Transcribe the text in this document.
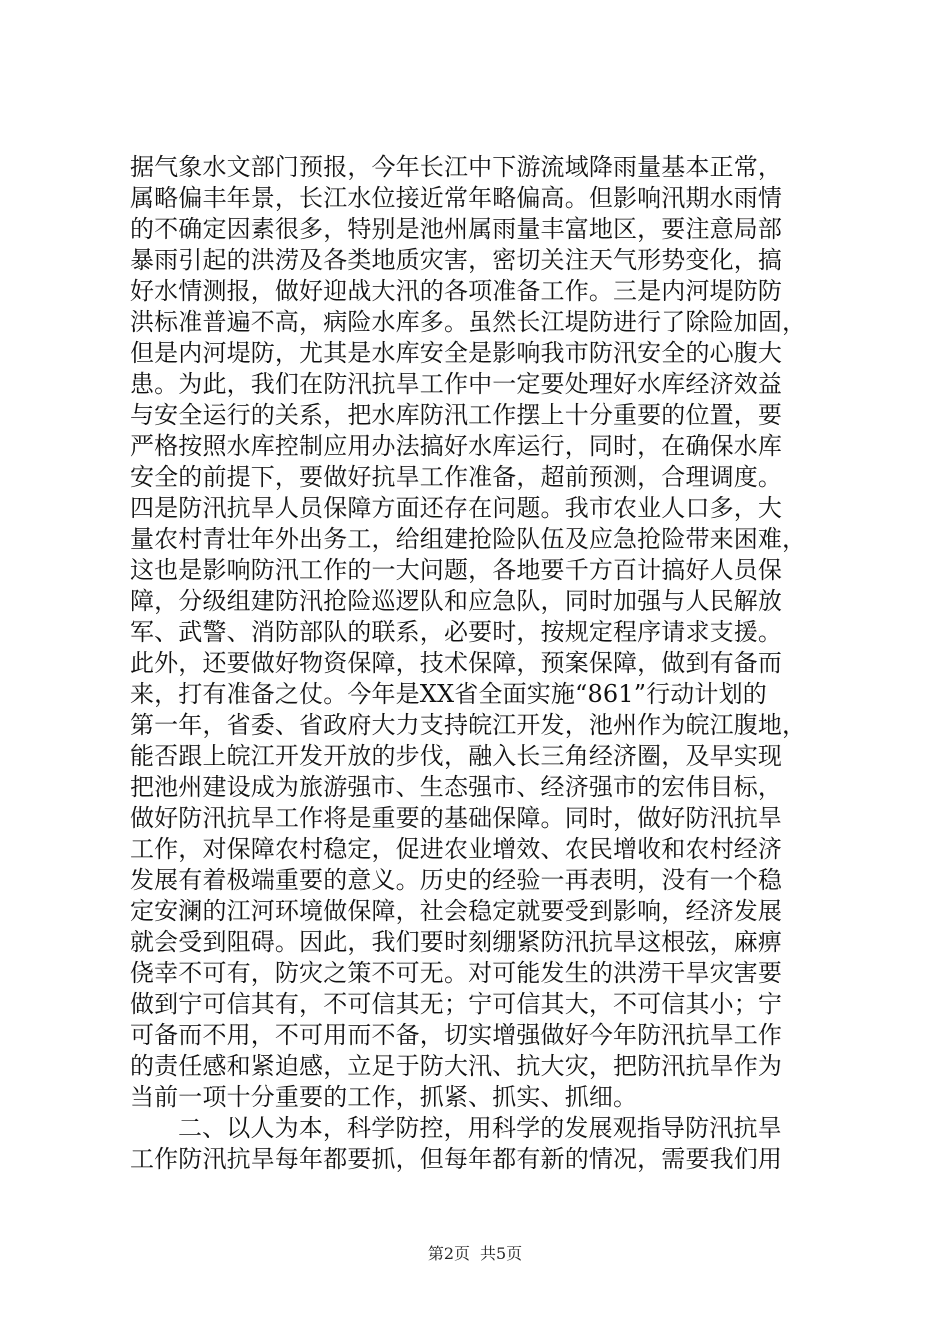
据气象水文部门预报，今年长江中下游流域降雨量基本正常，
属略偏丰年景，长江水位接近常年略偏高。但影响汛期水雨情
的不确定因素很多，特别是池州属雨量丰富地区，要注意局部
暴雨引起的洪涝及各类地质灾害，密切关注天气形势变化，搞
好水情测报，做好迎战大汛的各项准备工作。三是内河堤防防
洪标准普遍不高，病险水库多。虽然长江堤防进行了除险加固，
但是内河堤防，尤其是水库安全是影响我市防汛安全的心腹大
患。为此，我们在防汛抗旱工作中一定要处理好水库经济效益
与安全运行的关系，把水库防汛工作摆上十分重要的位置，要
严格按照水库控制应用办法搞好水库运行，同时，在确保水库
安全的前提下，要做好抗旱工作准备，超前预测，合理调度。
四是防汛抗旱人员保障方面还存在问题。我市农业人口多，大
量农村青壮年外出务工，给组建抢险队伍及应急抢险带来困难，
这也是影响防汛工作的一大问题，各地要千方百计搞好人员保
障，分级组建防汛抢险巡逻队和应急队，同时加强与人民解放
军、武警、消防部队的联系，必要时，按规定程序请求支援。
此外，还要做好物资保障，技术保障，预案保障，做到有备而
来，打有准备之仗。今年是XX省全面实施“861”行动计划的
第一年，省委、省政府大力支持皖江开发，池州作为皖江腹地，
能否跟上皖江开发开放的步伐，融入长三角经济圈，及早实现
把池州建设成为旅游强市、生态强市、经济强市的宏伟目标，
做好防汛抗旱工作将是重要的基础保障。同时，做好防汛抗旱
工作，对保障农村稳定，促进农业增效、农民增收和农村经济
发展有着极端重要的意义。历史的经验一再表明，没有一个稳
定安澜的江河环境做保障，社会稳定就要受到影响，经济发展
就会受到阻碍。因此，我们要时刻绷紧防汛抗旱这根弦，麻痹
侥幸不可有，防灾之策不可无。对可能发生的洪涝干旱灾害要
做到宁可信其有，不可信其无；宁可信其大，不可信其小；宁
可备而不用，不可用而不备，切实增强做好今年防汛抗旱工作
的责任感和紧迫感，立足于防大汛、抗大灾，把防汛抗旱作为
当前一项十分重要的工作，抓紧、抓实、抓细。
二、以人为本，科学防控，用科学的发展观指导防汛抗旱
工作防汛抗旱每年都要抓，但每年都有新的情况，需要我们用
第2页 共5页
